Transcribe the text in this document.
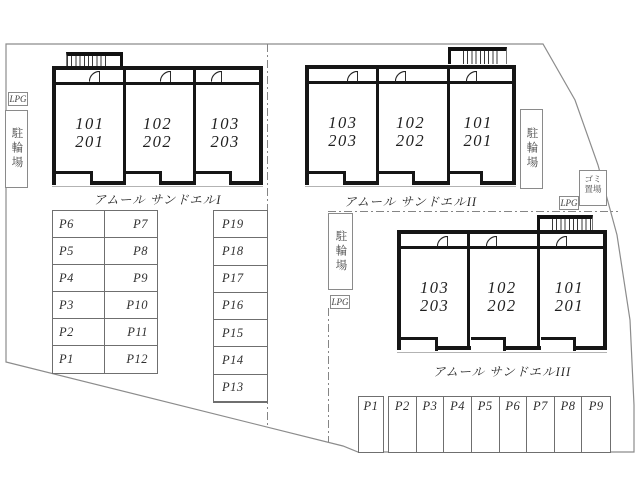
101
201
102
202
103
203
アムール サンドエルI
103
203
102
202
101
201
アムール サンドエルII
103
203
102
202
101
201
アムール サンドエルIII
LPG
駐輪場	駐輪場
ゴミ置場
LPG
駐輪場
LPG
P6	P7
P5	P8
P4	P9
P3	P10
P2	P11
P1	P12
P19
P18
P17
P16
P15
P14
P13
P1	P2	P3	P4	P5	P6	P7	P8	P9
